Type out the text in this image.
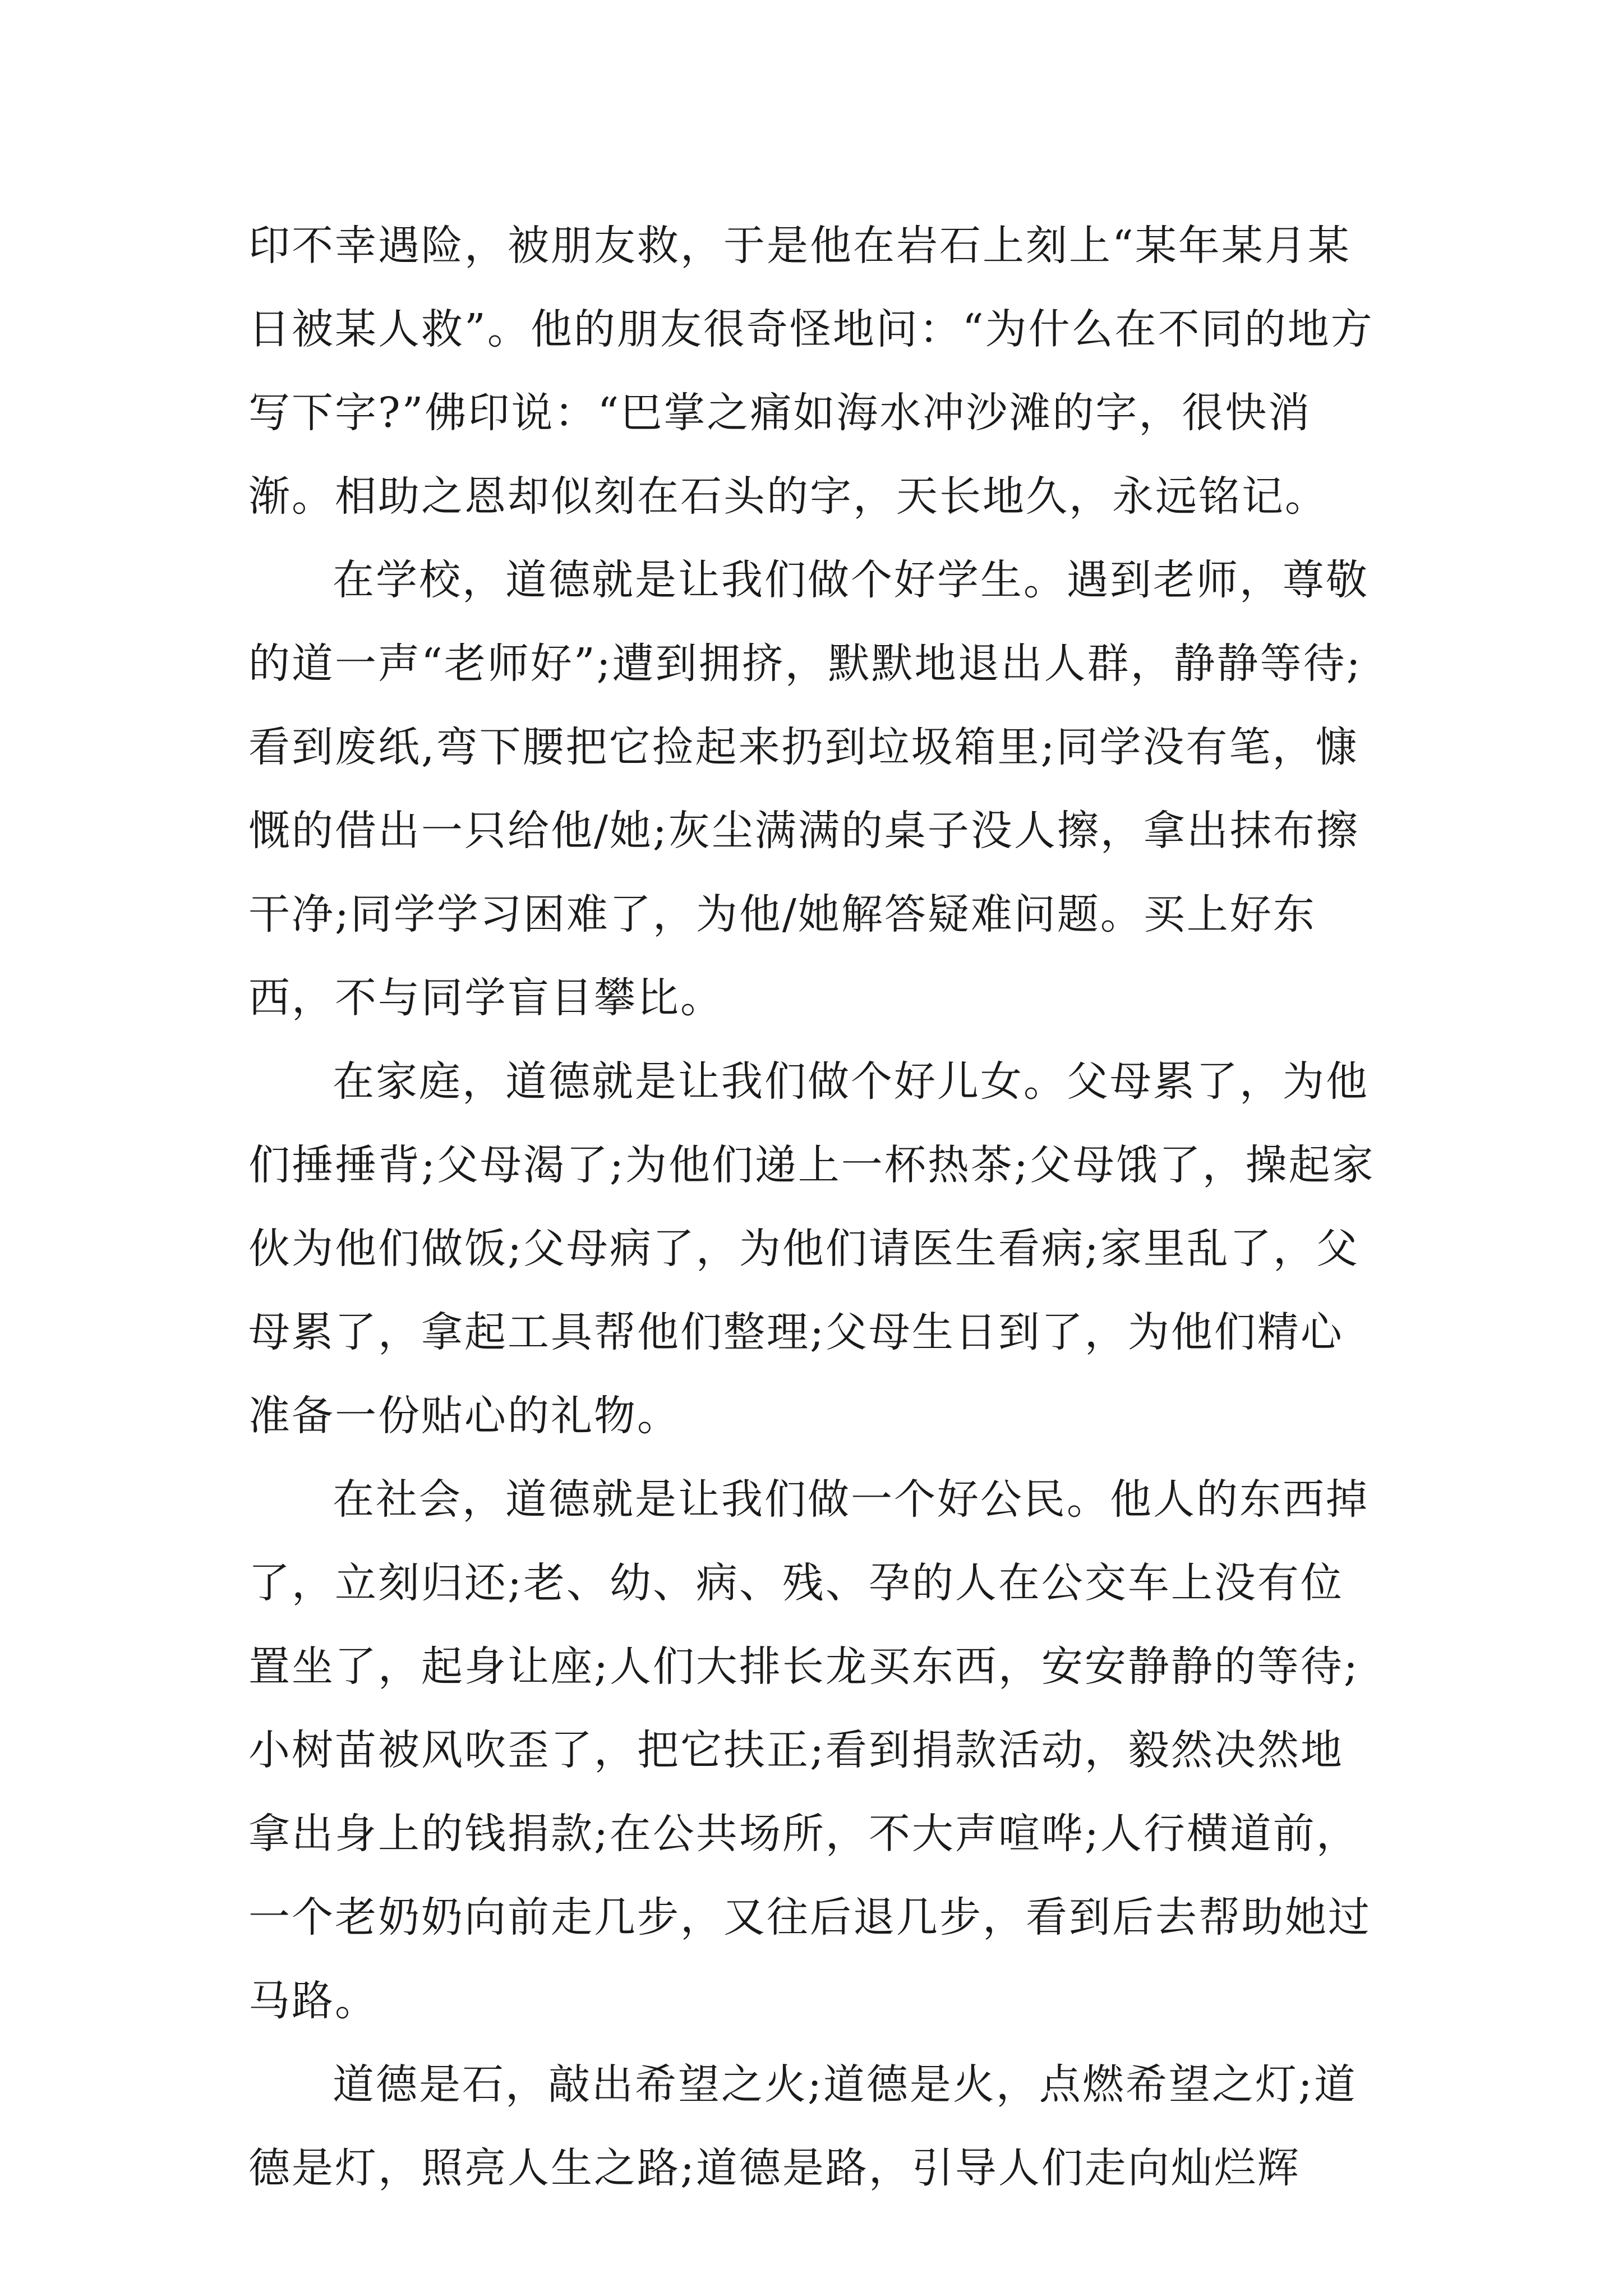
印不幸遇险，被朋友救，于是他在岩石上刻上“某年某月某日被某人救”。他的朋友很奇怪地问：“为什么在不同的地方写下字?”佛印说：“巴掌之痛如海水冲沙滩的字，很快消渐。相助之恩却似刻在石头的字，天长地久，永远铭记。

在学校，道德就是让我们做个好学生。遇到老师，尊敬的道一声“老师好”;遭到拥挤，默默地退出人群，静静等待;看到废纸,弯下腰把它捡起来扔到垃圾箱里;同学没有笔，慷慨的借出一只给他/她;灰尘满满的桌子没人擦，拿出抹布擦干净;同学学习困难了，为他/她解答疑难问题。买上好东西，不与同学盲目攀比。

在家庭，道德就是让我们做个好儿女。父母累了，为他们捶捶背;父母渴了;为他们递上一杯热茶;父母饿了，操起家伙为他们做饭;父母病了，为他们请医生看病;家里乱了，父母累了，拿起工具帮他们整理;父母生日到了，为他们精心准备一份贴心的礼物。

在社会，道德就是让我们做一个好公民。他人的东西掉了，立刻归还;老、幼、病、残、孕的人在公交车上没有位置坐了，起身让座;人们大排长龙买东西，安安静静的等待;小树苗被风吹歪了，把它扶正;看到捐款活动，毅然决然地拿出身上的钱捐款;在公共场所，不大声喧哗;人行横道前，一个老奶奶向前走几步，又往后退几步，看到后去帮助她过马路。

道德是石，敲出希望之火;道德是火，点燃希望之灯;道德是灯，照亮人生之路;道德是路，引导人们走向灿烂辉
